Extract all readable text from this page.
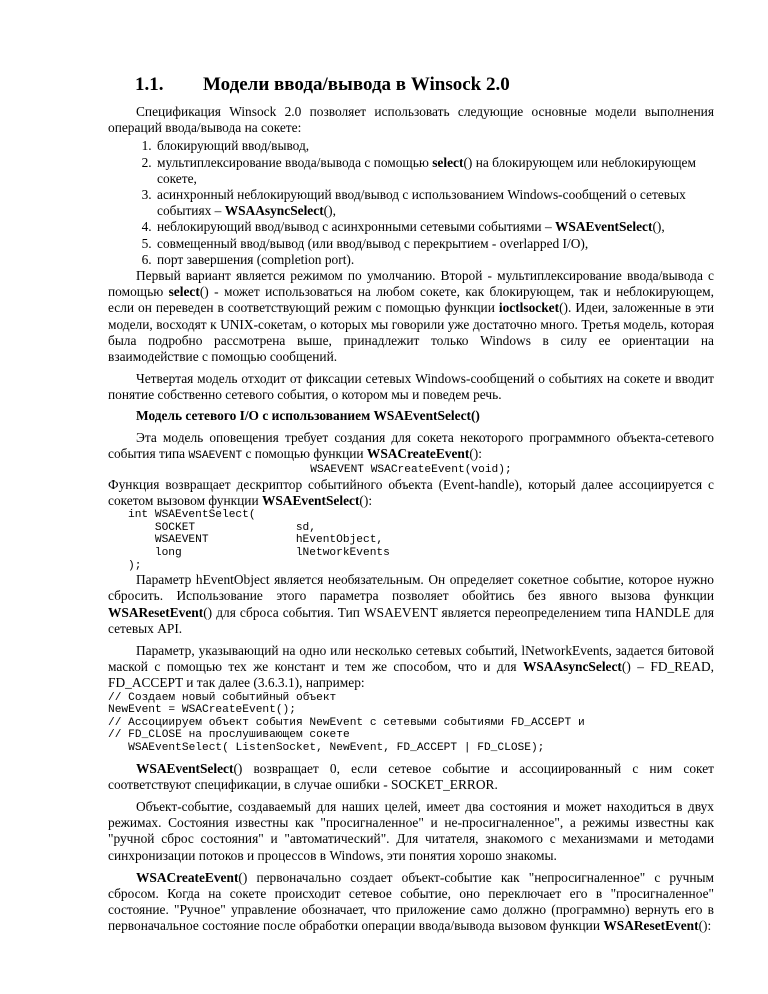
1.1.	Модели ввода/вывода в Winsock 2.0

Спецификация Winsock 2.0 позволяет использовать следующие основные модели выполнения операций ввода/вывода на сокете:

1. блокирующий ввод/вывод,
2. мультиплексирование ввода/вывода с помощью select() на блокирующем или неблокирующем сокете,
3. асинхронный неблокирующий ввод/вывод с использованием Windows-сообщений о сетевых событиях – WSAAsyncSelect(),
4. неблокирующий ввод/вывод с асинхронными сетевыми событиями – WSAEventSelect(),
5. совмещенный ввод/вывод (или ввод/вывод с перекрытием - overlapped I/O),
6. порт завершения (completion port).

Первый вариант является режимом по умолчанию. Второй - мультиплексирование ввода/вывода с помощью select() - может использоваться на любом сокете, как блокирующем, так и неблокирующем, если он переведен в соответствующий режим с помощью функции ioctlsocket(). Идеи, заложенные в эти модели, восходят к UNIX-сокетам, о которых мы говорили уже достаточно много. Третья модель, которая была подробно рассмотрена выше, принадлежит только Windows в силу ее ориентации на взаимодействие с помощью сообщений.

Четвертая модель отходит от фиксации сетевых Windows-сообщений о событиях на сокете и вводит понятие собственно сетевого события, о котором мы и поведем речь.

Модель сетевого I/O с использованием WSAEventSelect()

Эта модель оповещения требует создания для сокета некоторого программного объекта-сетевого события типа WSAEVENT с помощью функции WSACreateEvent():

WSAEVENT WSACreateEvent(void);

Функция возвращает дескриптор событийного объекта (Event-handle), который далее ассоциируется с сокетом вызовом функции WSAEventSelect():

int WSAEventSelect(
SOCKET               sd,
WSAEVENT             hEventObject,
long                 lNetworkEvents
);

Параметр hEventObject является необязательным. Он определяет сокетное событие, которое нужно сбросить. Использование этого параметра позволяет обойтись без явного вызова функции WSAResetEvent() для сброса события. Тип WSAEVENT является переопределением типа HANDLE для сетевых API.

Параметр, указывающий на одно или несколько сетевых событий, lNetworkEvents, задается битовой маской с помощью тех же констант и тем же способом, что и для WSAAsyncSelect() – FD_READ, FD_ACCEPT и так далее (3.6.3.1), например:

// Создаем новый событийный объект
NewEvent = WSACreateEvent();
// Ассоциируем объект события NewEvent с сетевыми событиями FD_ACCEPT и
// FD_CLOSE на прослушивающем сокете
WSAEventSelect( ListenSocket, NewEvent, FD_ACCEPT | FD_CLOSE);

WSAEventSelect() возвращает 0, если сетевое событие и ассоциированный с ним сокет соответствуют спецификации, в случае ошибки - SOCKET_ERROR.

Объект-событие, создаваемый для наших целей, имеет два состояния и может находиться в двух режимах. Состояния известны как "просигналенное" и не-просигналенное", а режимы известны как "ручной сброс состояния" и "автоматический". Для читателя, знакомого с механизмами и методами синхронизации потоков и процессов в Windows, эти понятия хорошо знакомы.

WSACreateEvent() первоначально создает объект-событие как "непросигналенное" с ручным сбросом. Когда на сокете происходит сетевое событие, оно переключает его в "просигналенное" состояние. "Ручное" управление обозначает, что приложение само должно (программно) вернуть его в первоначальное состояние после обработки операции ввода/вывода вызовом функции WSAResetEvent():
